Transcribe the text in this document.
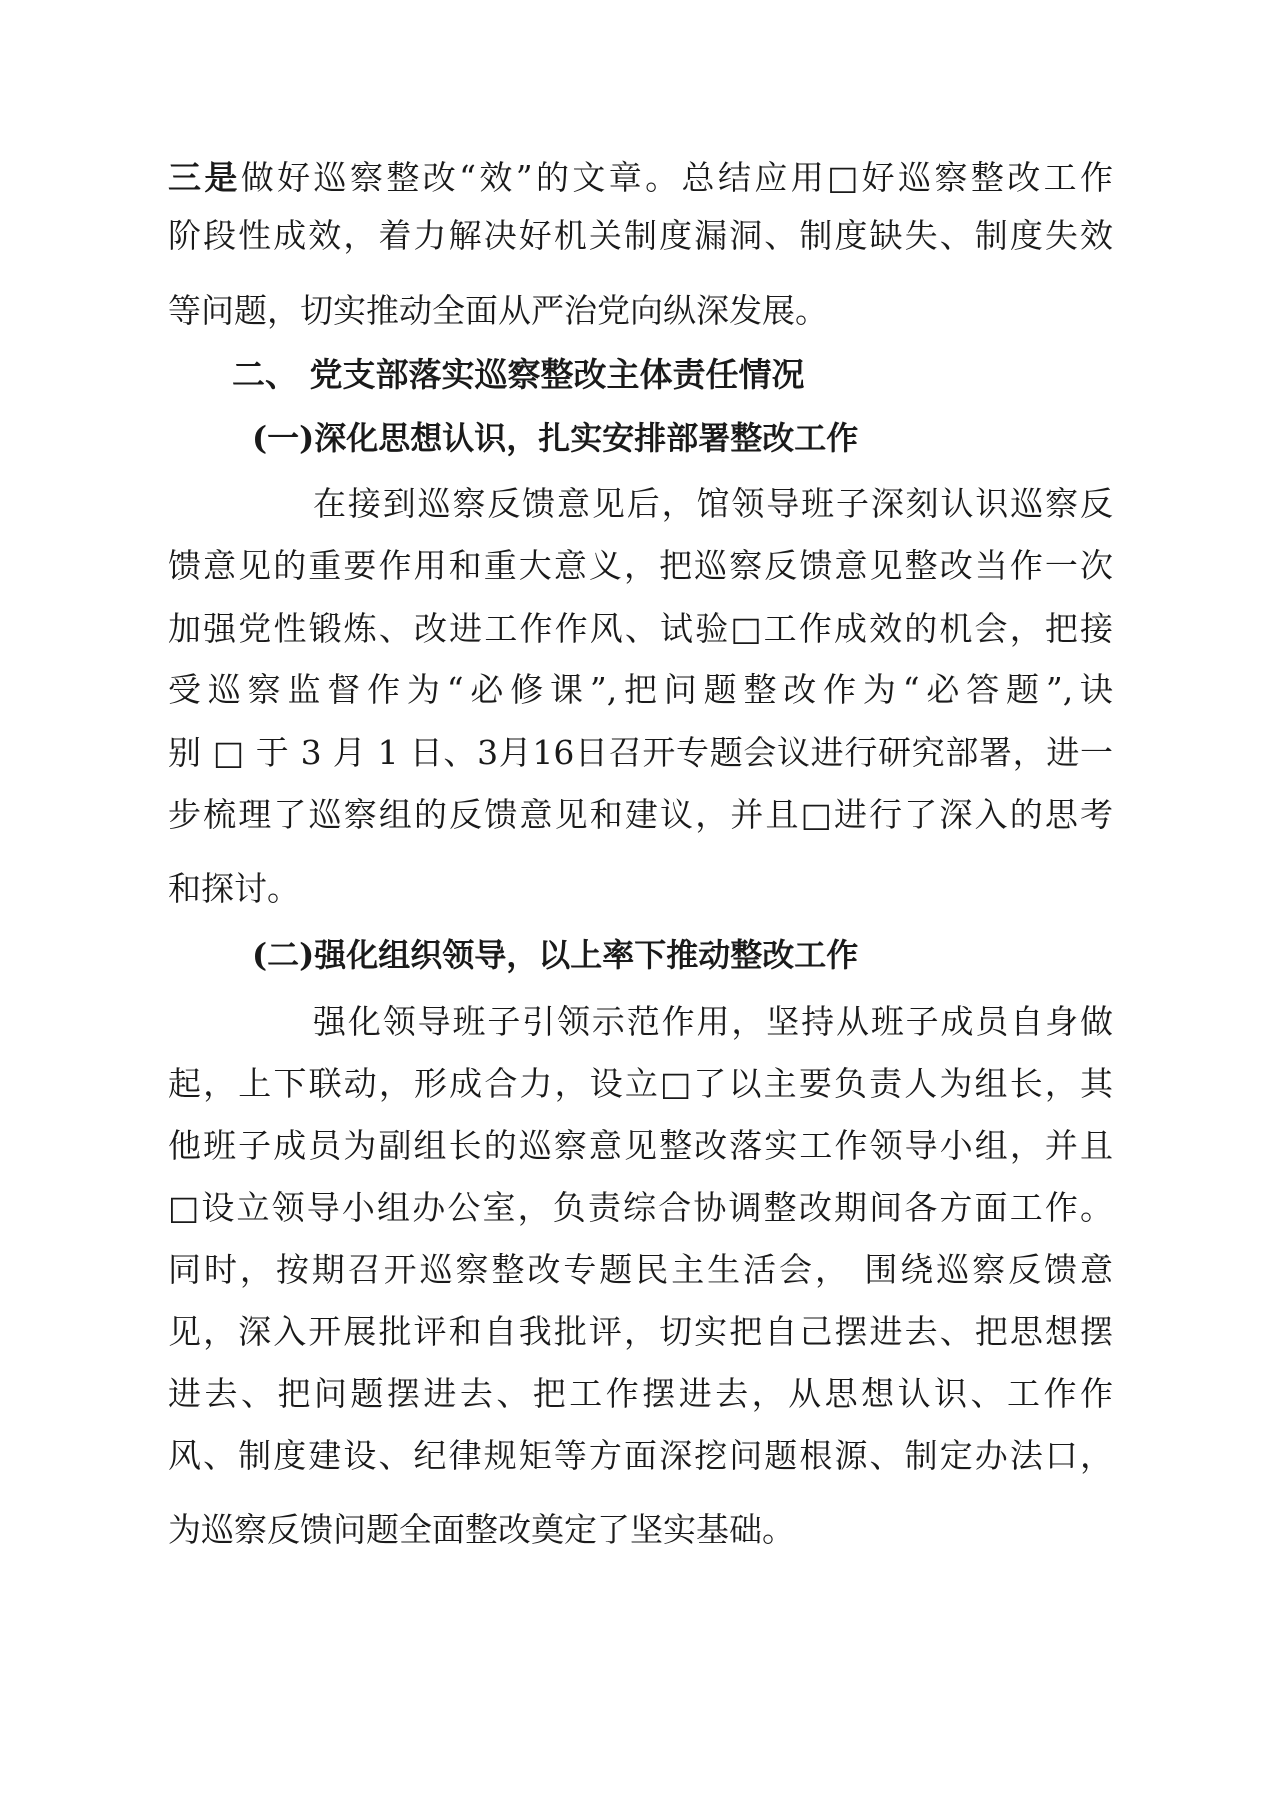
三是做好巡察整改“效”的文章。总结应用□好巡察整改工作
阶段性成效，着力解决好机关制度漏洞、制度缺失、制度失效
等问题，切实推动全面从严治党向纵深发展。
二、 党支部落实巡察整改主体责任情况
(一)深化思想认识，扎实安排部署整改工作
在接到巡察反馈意见后，馆领导班子深刻认识巡察反
馈意见的重要作用和重大意义，把巡察反馈意见整改当作一次
加强党性锻炼、改进工作作风、试验□工作成效的机会，把接
受巡察监督作为“必修课”,把问题整改作为“必答题”,诀
别 □ 于 3 月 1 日、3月16日召开专题会议进行研究部署，进一
步梳理了巡察组的反馈意见和建议，并且□进行了深入的思考
和探讨。
(二)强化组织领导，以上率下推动整改工作
强化领导班子引领示范作用，坚持从班子成员自身做
起，上下联动，形成合力，设立□了以主要负责人为组长，其
他班子成员为副组长的巡察意见整改落实工作领导小组，并且
□设立领导小组办公室，负责综合协调整改期间各方面工作。
同时，按期召开巡察整改专题民主生活会， 围绕巡察反馈意
见，深入开展批评和自我批评，切实把自己摆进去、把思想摆
进去、把问题摆进去、把工作摆进去，从思想认识、工作作
风、制度建设、纪律规矩等方面深挖问题根源、制定办法口，
为巡察反馈问题全面整改奠定了坚实基础。
